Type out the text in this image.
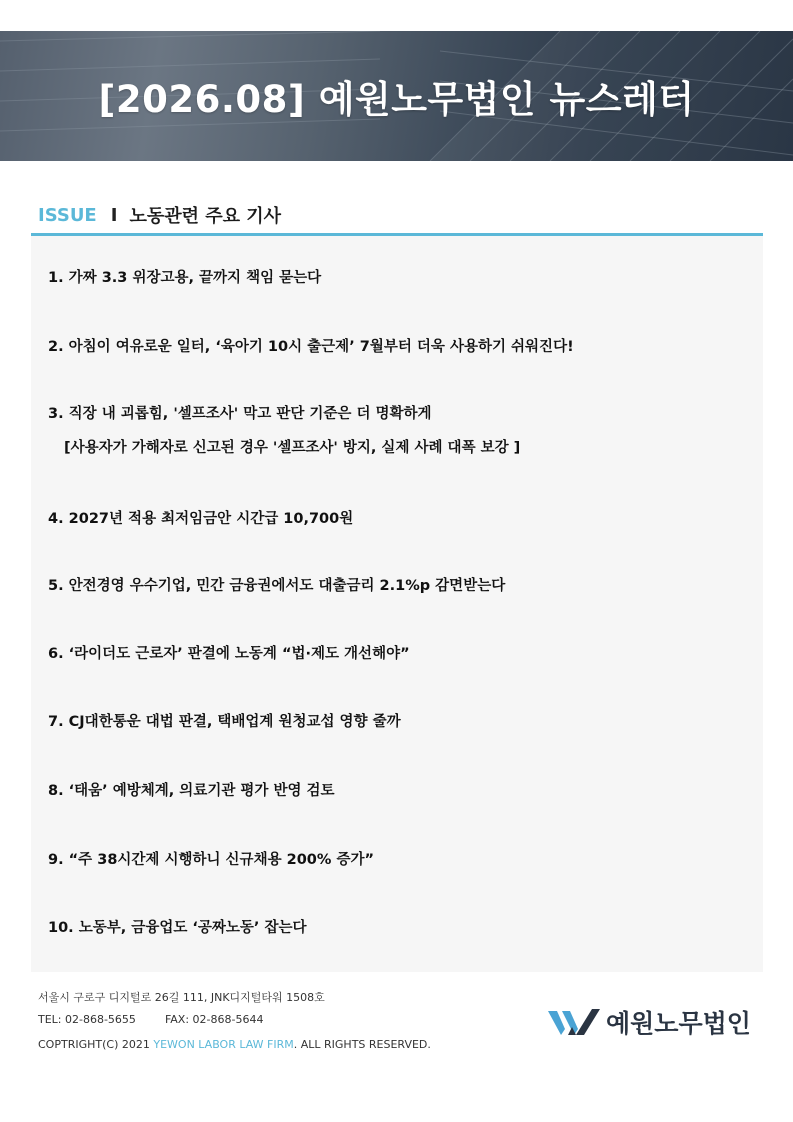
[2026.08] 예원노무법인 뉴스레터
ISSUE I 노동관련 주요 기사
1. 가짜 3.3 위장고용, 끝까지 책임 묻는다
2. 아침이 여유로운 일터, ‘육아기 10시 출근제’ 7월부터 더욱 사용하기 쉬워진다!
3. 직장 내 괴롭힘, '셀프조사' 막고 판단 기준은 더 명확하게
[사용자가 가해자로 신고된 경우 '셀프조사' 방지, 실제 사례 대폭 보강 ]
4. 2027년 적용 최저임금안 시간급 10,700원
5. 안전경영 우수기업, 민간 금융권에서도 대출금리 2.1%p 감면받는다
6. ‘라이더도 근로자’ 판결에 노동계 “법·제도 개선해야”
7. CJ대한통운 대법 판결, 택배업계 원청교섭 영향 줄까
8. ‘태움’ 예방체계, 의료기관 평가 반영 검토
9. “주 38시간제 시행하니 신규채용 200% 증가”
10. 노동부, 금융업도 ‘공짜노동’ 잡는다
서울시 구로구 디지털로 26길 111, JNK디지털타워 1508호
TEL: 02-868-5655	FAX: 02-868-5644
COPTRIGHT(C) 2021 YEWON LABOR LAW FIRM. ALL RIGHTS RESERVED.
예원노무법인
